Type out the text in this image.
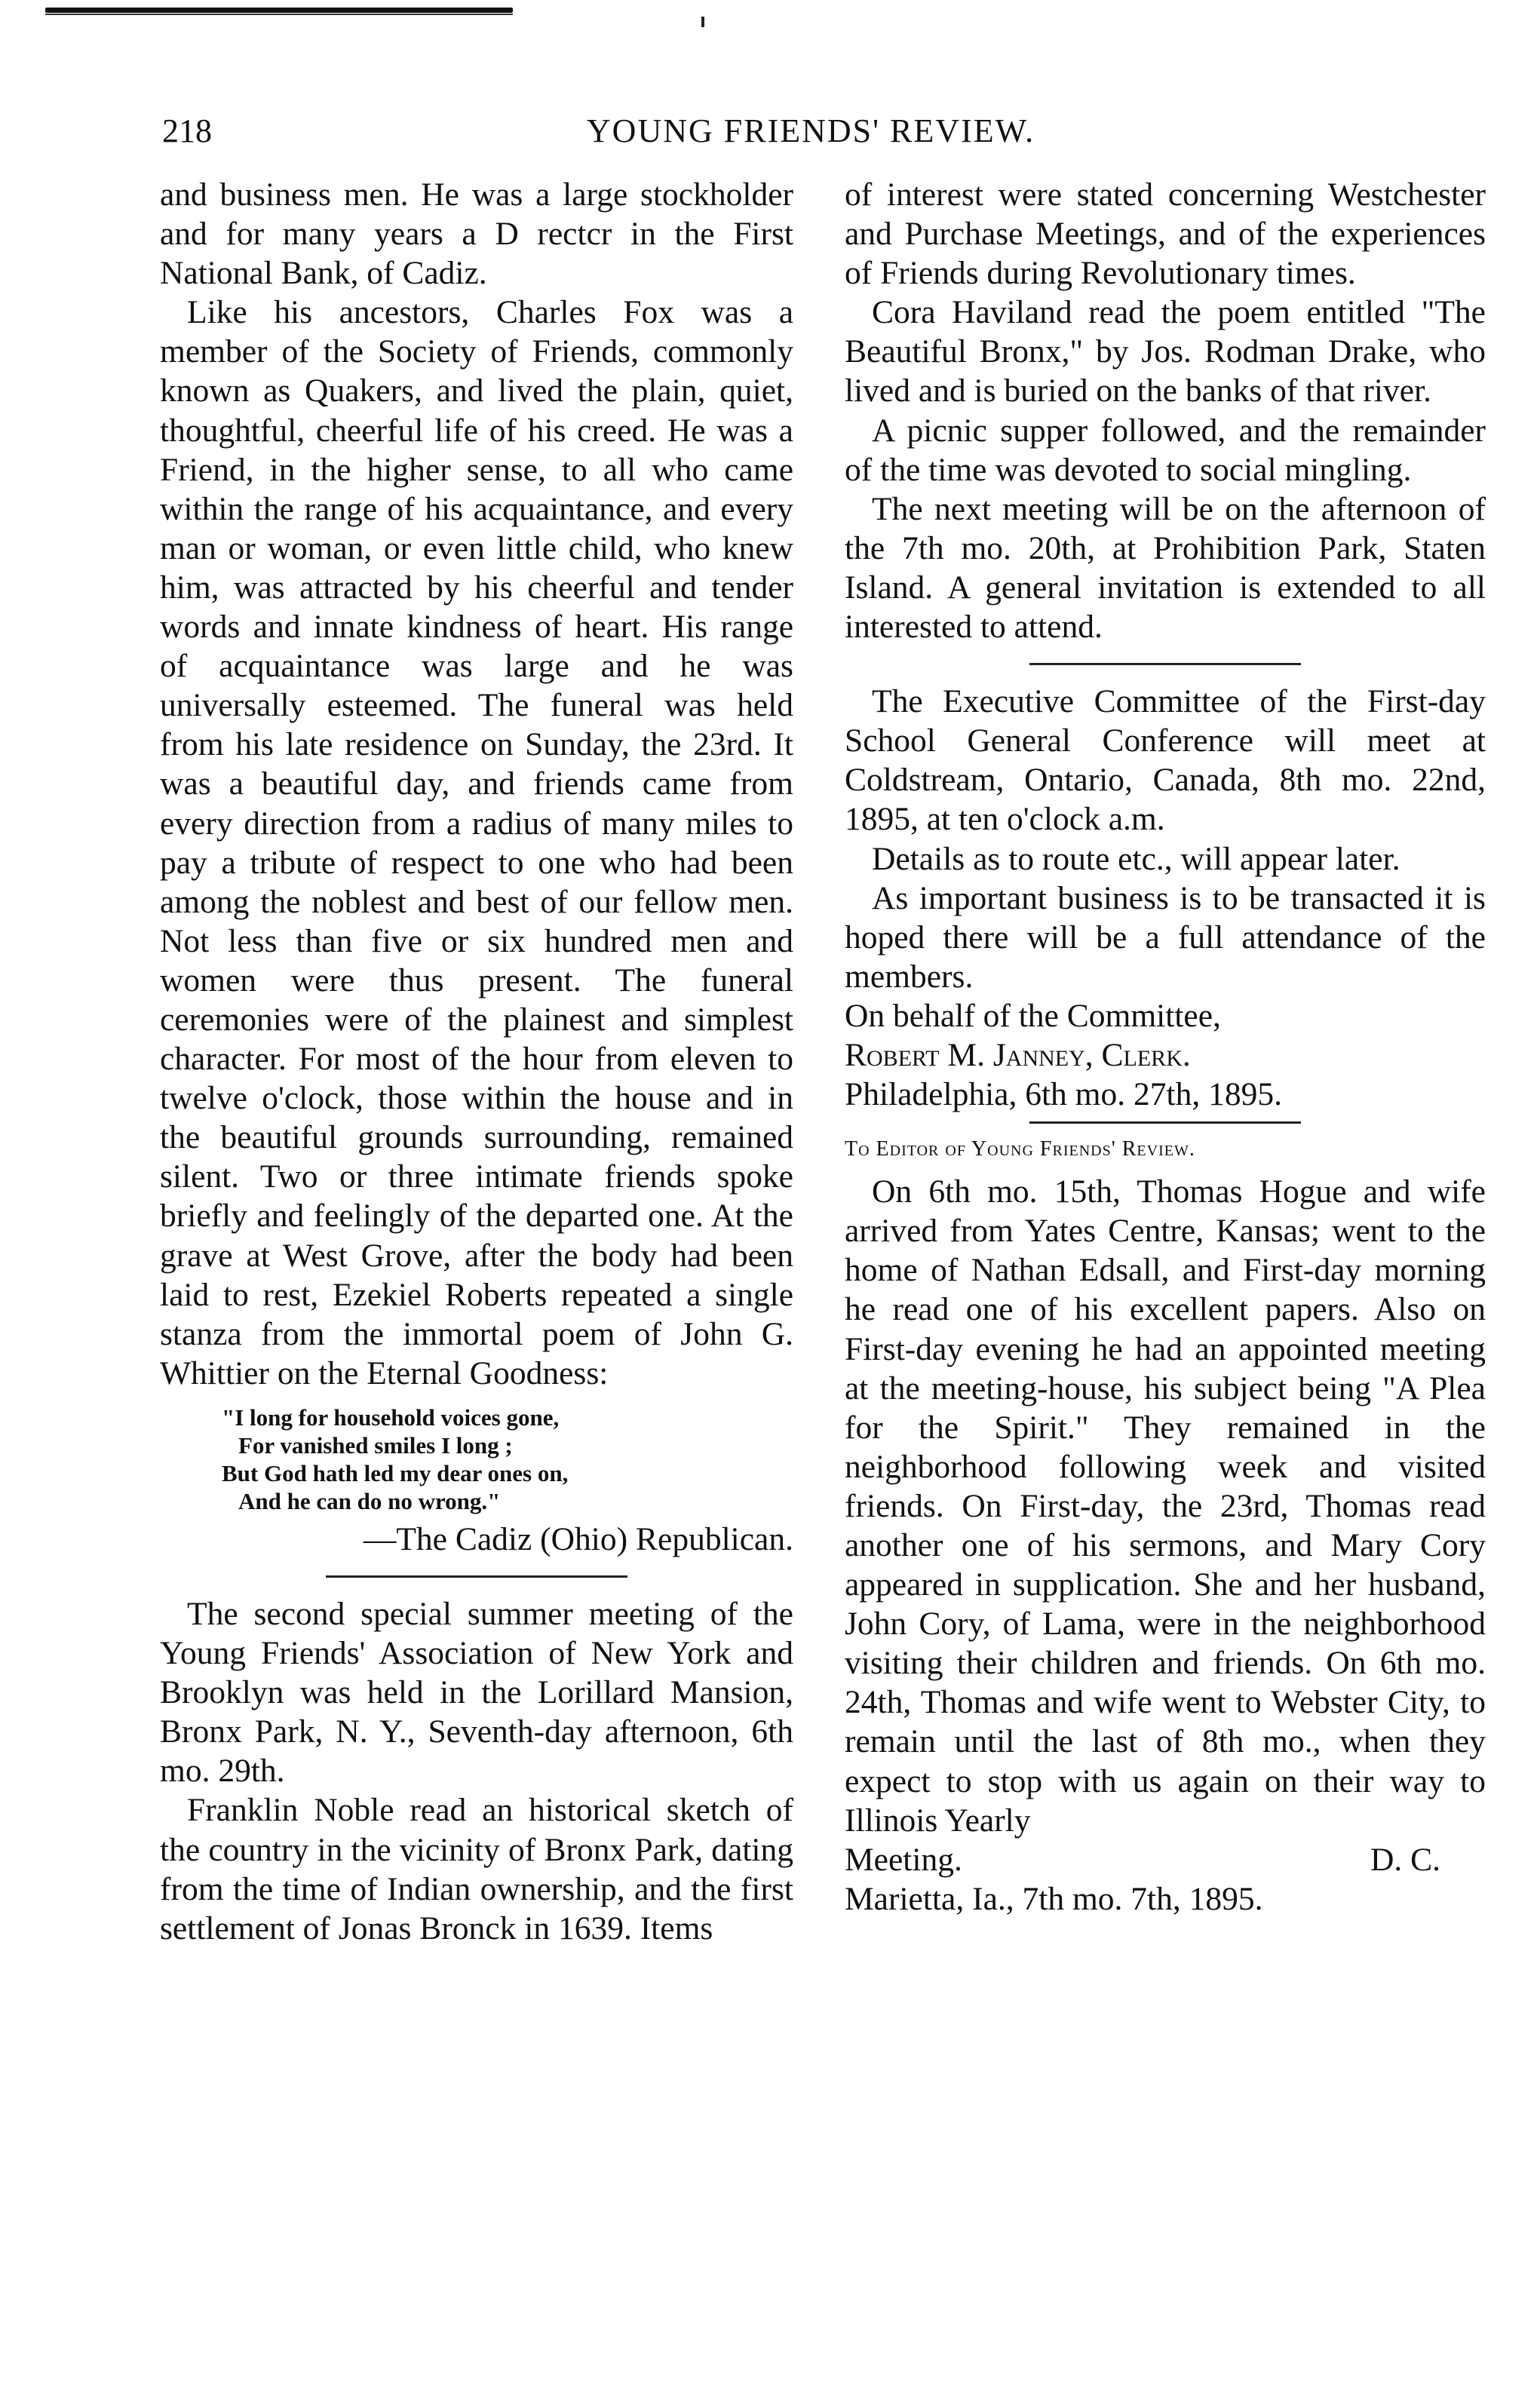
218	YOUNG FRIENDS' REVIEW.

and business men. He was a large stockholder and for many years a D rectcr in the First National Bank, of Cadiz.

Like his ancestors, Charles Fox was a member of the Society of Friends, commonly known as Quakers, and lived the plain, quiet, thoughtful, cheerful life of his creed. He was a Friend, in the higher sense, to all who came within the range of his acquaintance, and every man or woman, or even little child, who knew him, was attracted by his cheerful and tender words and innate kindness of heart. His range of acquaintance was large and he was universally esteemed. The funeral was held from his late residence on Sunday, the 23rd. It was a beautiful day, and friends came from every direction from a radius of many miles to pay a tribute of respect to one who had been among the noblest and best of our fellow men. Not less than five or six hundred men and women were thus present. The funeral ceremonies were of the plainest and simplest character. For most of the hour from eleven to twelve o'clock, those within the house and in the beautiful grounds surrounding, remained silent. Two or three intimate friends spoke briefly and feelingly of the departed one. At the grave at West Grove, after the body had been laid to rest, Ezekiel Roberts repeated a single stanza from the immortal poem of John G. Whittier on the Eternal Goodness:

"I long for household voices gone,
For vanished smiles I long ;
But God hath led my dear ones on,
And he can do no wrong."
—The Cadiz (Ohio) Republican.

The second special summer meeting of the Young Friends' Association of New York and Brooklyn was held in the Lorillard Mansion, Bronx Park, N. Y., Seventh-day afternoon, 6th mo. 29th.

Franklin Noble read an historical sketch of the country in the vicinity of Bronx Park, dating from the time of Indian ownership, and the first settlement of Jonas Bronck in 1639. Items

of interest were stated concerning Westchester and Purchase Meetings, and of the experiences of Friends during Revolutionary times.

Cora Haviland read the poem entitled "The Beautiful Bronx," by Jos. Rodman Drake, who lived and is buried on the banks of that river.

A picnic supper followed, and the remainder of the time was devoted to social mingling.

The next meeting will be on the afternoon of the 7th mo. 20th, at Prohibition Park, Staten Island. A general invitation is extended to all interested to attend.

The Executive Committee of the First-day School General Conference will meet at Coldstream, Ontario, Canada, 8th mo. 22nd, 1895, at ten o'clock a.m.

Details as to route etc., will appear later.

As important business is to be transacted it is hoped there will be a full attendance of the members.

On behalf of the Committee,

Robert M. Janney, Clerk.

Philadelphia, 6th mo. 27th, 1895.

To Editor of Young Friends' Review.

On 6th mo. 15th, Thomas Hogue and wife arrived from Yates Centre, Kansas; went to the home of Nathan Edsall, and First-day morning he read one of his excellent papers. Also on First-day evening he had an appointed meeting at the meeting-house, his subject being "A Plea for the Spirit." They remained in the neighborhood following week and visited friends. On First-day, the 23rd, Thomas read another one of his sermons, and Mary Cory appeared in supplication. She and her husband, John Cory, of Lama, were in the neighborhood visiting their children and friends. On 6th mo. 24th, Thomas and wife went to Webster City, to remain until the last of 8th mo., when they expect to stop with us again on their way to Illinois Yearly

Meeting.	D. C.

Marietta, Ia., 7th mo. 7th, 1895.
